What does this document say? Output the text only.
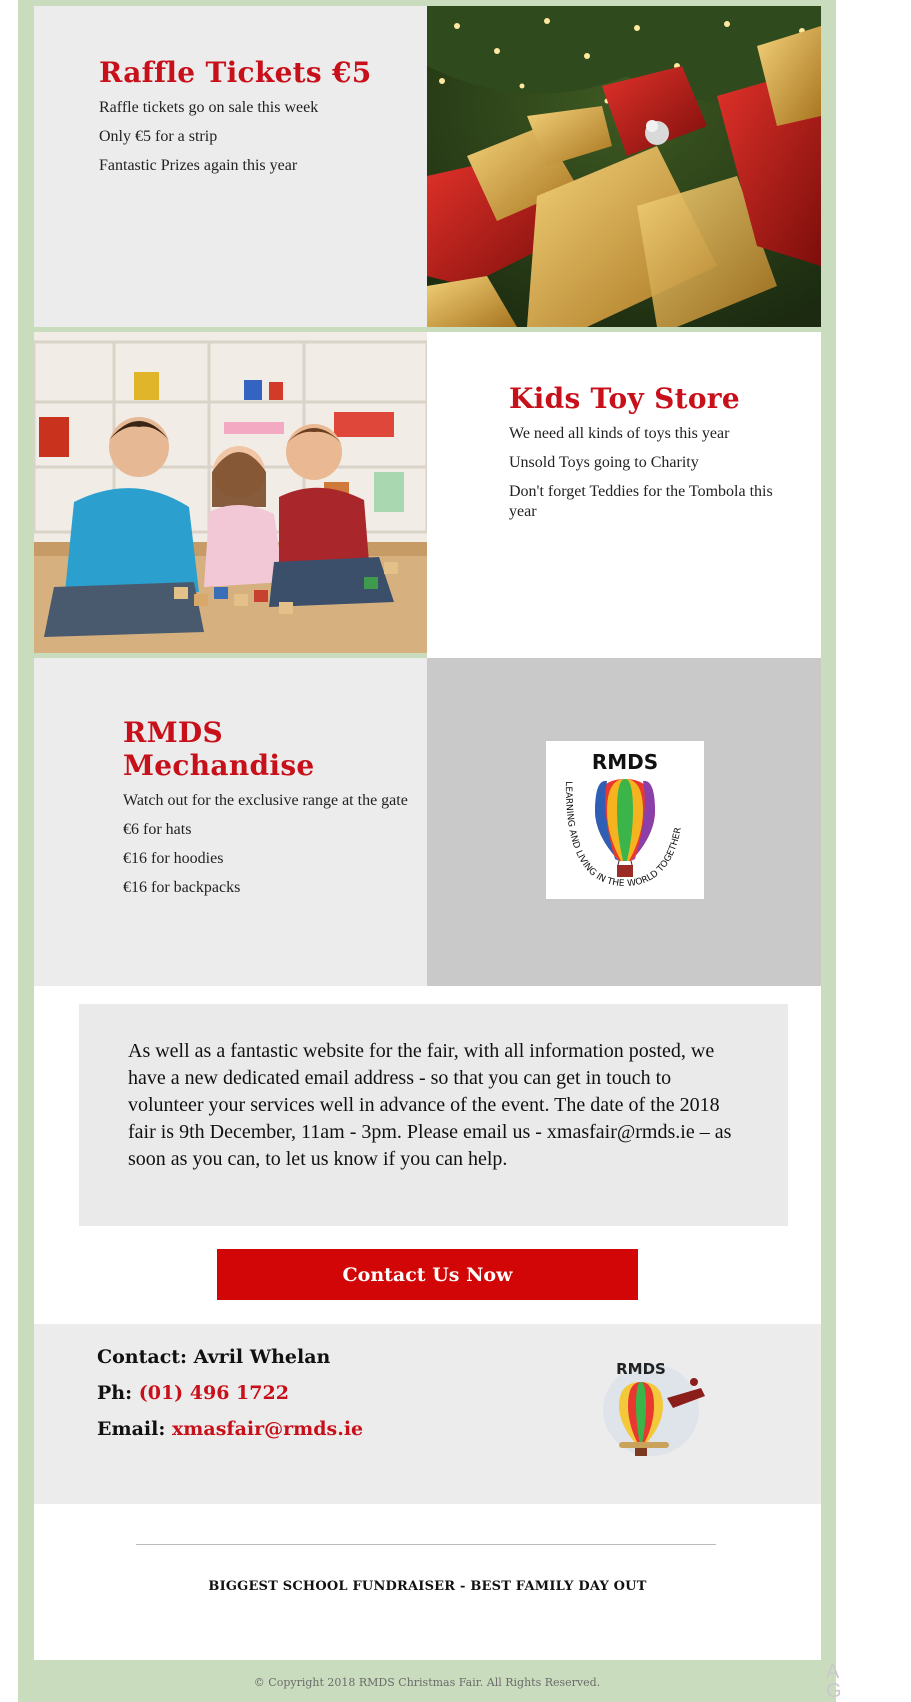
Raffle Tickets €5
Raffle tickets go on sale this week
Only €5 for a strip
Fantastic Prizes again this year
Kids Toy Store
We need all kinds of toys this year
Unsold Toys going to Charity
Don't forget Teddies for the Tombola this year
RMDS Mechandise
Watch out for the exclusive range at the gate
€6 for hats
€16 for hoodies
€16 for backpacks
RMDS
LEARNING AND LIVING IN THE WORLD TOGETHER
As well as a fantastic website for the fair, with all information posted, we have a new dedicated email address - so that you can get in touch to volunteer your services well in advance of the event. The date of the 2018 fair is 9th December, 11am - 3pm. Please email us - xmasfair@rmds.ie – as soon as you can, to let us know if you can help.
Contact Us Now
Contact: Avril Whelan
Ph: (01) 496 1722
Email: xmasfair@rmds.ie
RMDS
BIGGEST SCHOOL FUNDRAISER - BEST FAMILY DAY OUT
© Copyright 2018 RMDS Christmas Fair. All Rights Reserved.	A
G
